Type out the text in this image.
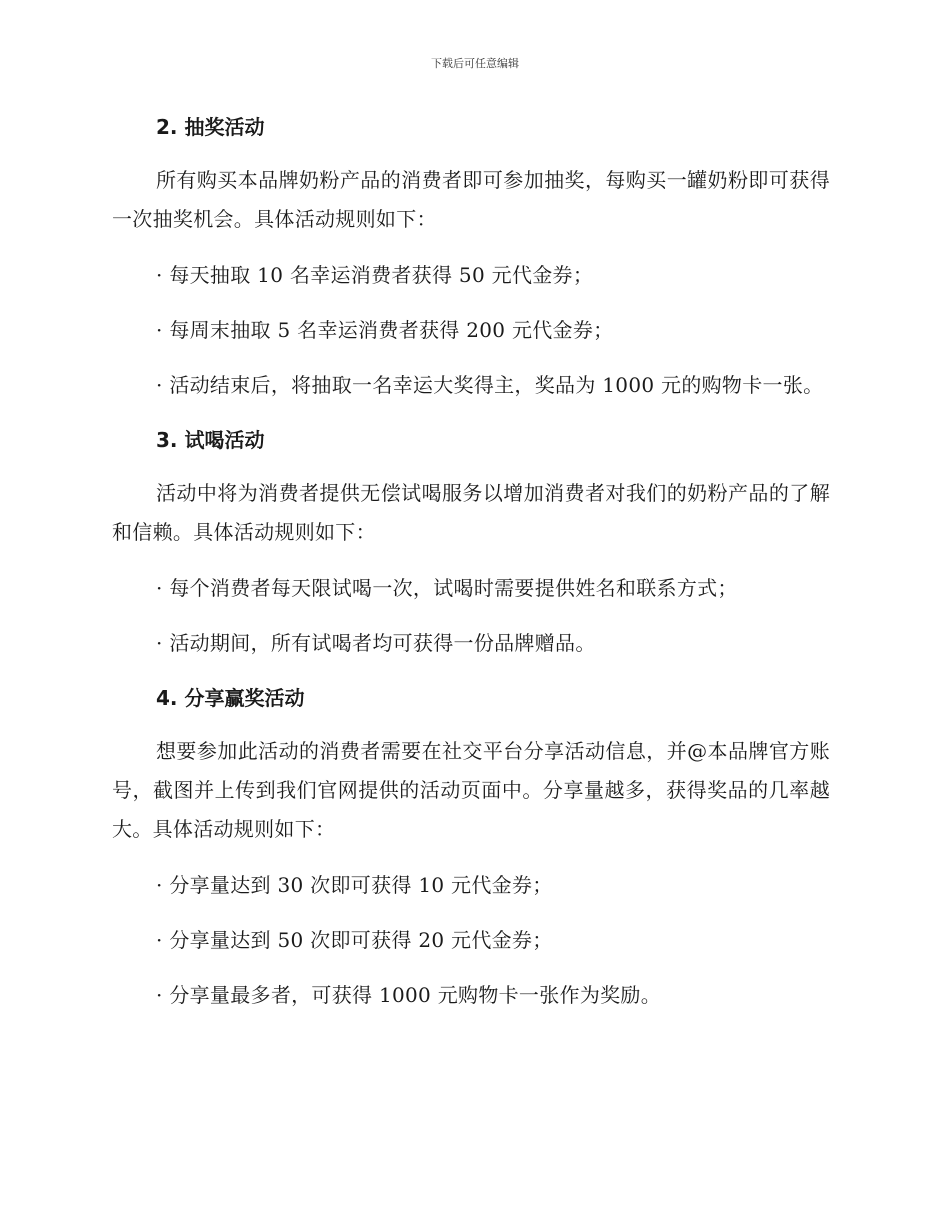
下载后可任意编辑
2. 抽奖活动

所有购买本品牌奶粉产品的消费者即可参加抽奖，每购买一罐奶粉即可获得一次抽奖机会。具体活动规则如下：

· 每天抽取 10 名幸运消费者获得 50 元代金券；

· 每周末抽取 5 名幸运消费者获得 200 元代金券；

· 活动结束后，将抽取一名幸运大奖得主，奖品为 1000 元的购物卡一张。

3. 试喝活动

活动中将为消费者提供无偿试喝服务以增加消费者对我们的奶粉产品的了解和信赖。具体活动规则如下：

· 每个消费者每天限试喝一次，试喝时需要提供姓名和联系方式；

· 活动期间，所有试喝者均可获得一份品牌赠品。

4. 分享赢奖活动

想要参加此活动的消费者需要在社交平台分享活动信息，并@本品牌官方账号，截图并上传到我们官网提供的活动页面中。分享量越多，获得奖品的几率越大。具体活动规则如下：

· 分享量达到 30 次即可获得 10 元代金券；

· 分享量达到 50 次即可获得 20 元代金券；

· 分享量最多者，可获得 1000 元购物卡一张作为奖励。
